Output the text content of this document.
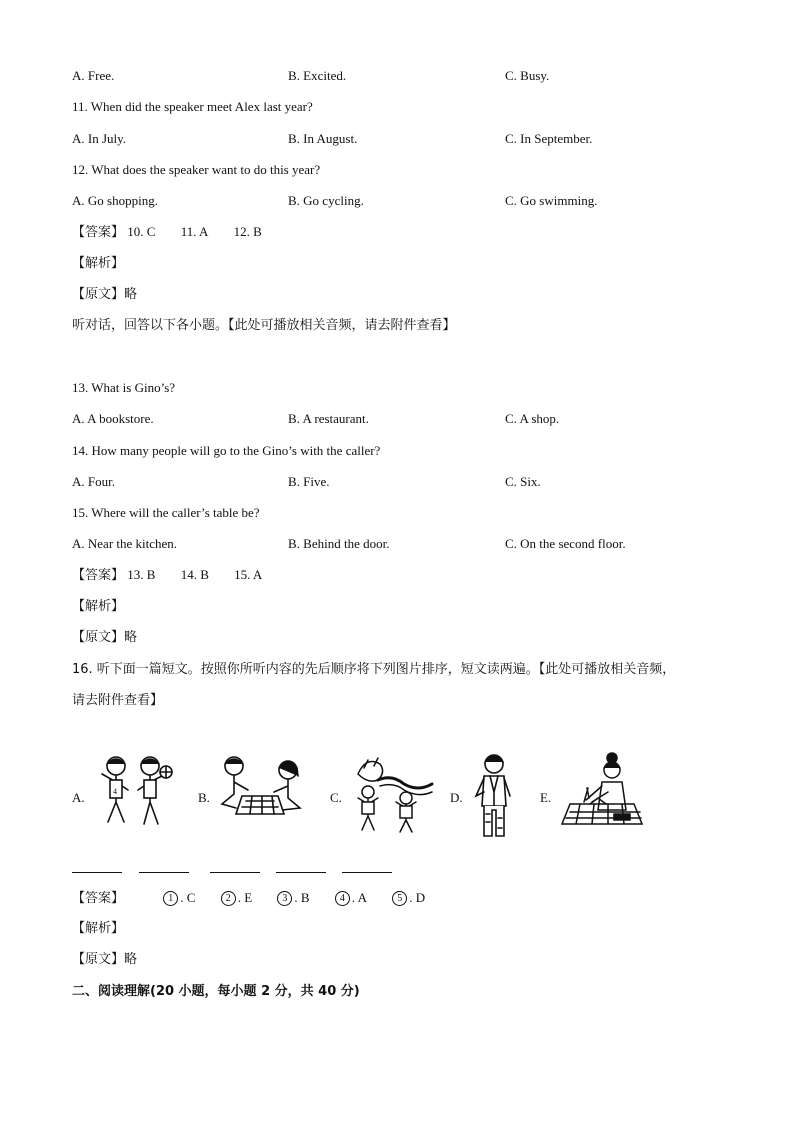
A. Free.	B. Excited.	C. Busy.
11. When did the speaker meet Alex last year?
A. In July.	B. In August.	C. In September.
12. What does the speaker want to do this year?
A. Go shopping.	B. Go cycling.	C. Go swimming.
【答案】 10. C 11. A 12. B
【解析】
【原文】略
听对话，回答以下各小题。【此处可播放相关音频，请去附件查看】
13. What is Gino’s?
A. A bookstore.	B. A restaurant.	C. A shop.
14. How many people will go to the Gino’s with the caller?
A. Four.	B. Five.	C. Six.
15. Where will the caller’s table be?
A. Near the kitchen.	B. Behind the door.	C. On the second floor.
【答案】 13. B 14. B 15. A
【解析】
【原文】略
16. 听下面一篇短文。按照你所听内容的先后顺序将下列图片排序，短文读两遍。【此处可播放相关音频，
请去附件查看】
A.	4	B.	C.	D.	E.
【答案】	1 . C	2 . E	3 . B	4 . A	5 . D
【解析】
【原文】略
二、阅读理解(20 小题，每小题 2 分，共 40 分)
